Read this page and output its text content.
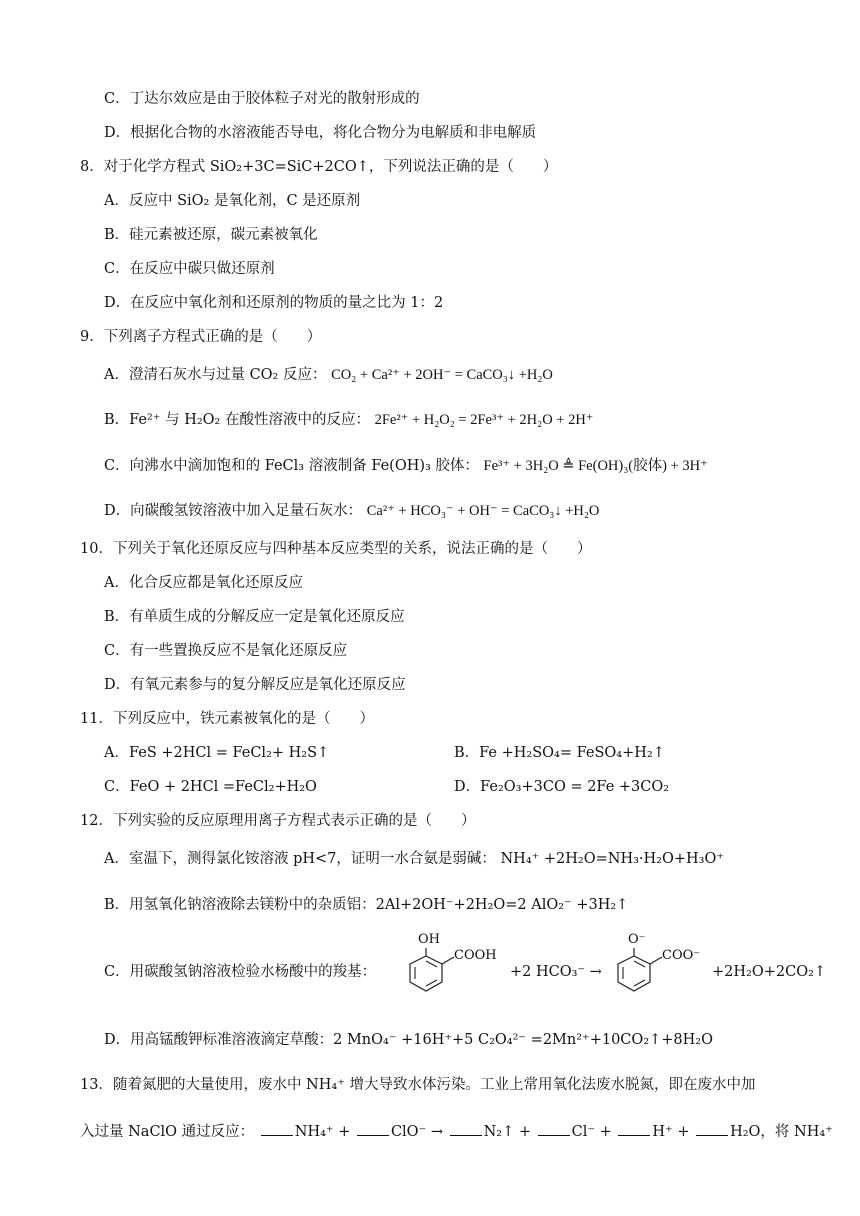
C．丁达尔效应是由于胶体粒子对光的散射形成的
D．根据化合物的水溶液能否导电，将化合物分为电解质和非电解质
8．对于化学方程式 SiO₂+3C=SiC+2CO↑，下列说法正确的是（　　）
A．反应中 SiO₂ 是氧化剂，C 是还原剂
B．硅元素被还原，碳元素被氧化
C．在反应中碳只做还原剂
D．在反应中氧化剂和还原剂的物质的量之比为 1：2
9．下列离子方程式正确的是（　　）
A．澄清石灰水与过量 CO₂ 反应： CO₂ + Ca²⁺ + 2OH⁻ = CaCO₃↓ +H₂O
B．Fe²⁺ 与 H₂O₂ 在酸性溶液中的反应： 2Fe²⁺ + H₂O₂ = 2Fe³⁺ + 2H₂O + 2H⁺
C．向沸水中滴加饱和的 FeCl₃ 溶液制备 Fe(OH)₃ 胶体： Fe³⁺ + 3H₂O ≜ Fe(OH)₃(胶体) + 3H⁺
D．向碳酸氢铵溶液中加入足量石灰水： Ca²⁺ + HCO₃⁻ + OH⁻ = CaCO₃↓ +H₂O
10．下列关于氧化还原反应与四种基本反应类型的关系，说法正确的是（　　）
A．化合反应都是氧化还原反应
B．有单质生成的分解反应一定是氧化还原反应
C．有一些置换反应不是氧化还原反应
D．有氧元素参与的复分解反应是氧化还原反应
11．下列反应中，铁元素被氧化的是（　　）
A．FeS +2HCl = FeCl₂+ H₂S↑	B．Fe +H₂SO₄= FeSO₄+H₂↑
C．FeO + 2HCl =FeCl₂+H₂O	D．Fe₂O₃+3CO = 2Fe +3CO₂
12．下列实验的反应原理用离子方程式表示正确的是（　　）
A．室温下，测得氯化铵溶液 pH<7，证明一水合氨是弱碱： NH₄⁺ +2H₂O=NH₃·H₂O+H₃O⁺
B．用氢氧化钠溶液除去镁粉中的杂质铝：2Al+2OH⁻+2H₂O=2 AlO₂⁻ +3H₂↑
C．用碳酸氢钠溶液检验水杨酸中的羧基：
OH
COOH
+2 HCO₃⁻ →
O⁻
COO⁻
+2H₂O+2CO₂↑
D．用高锰酸钾标准溶液滴定草酸：2 MnO₄⁻ +16H⁺+5 C₂O₄²⁻ =2Mn²⁺+10CO₂↑+8H₂O
13．随着氮肥的大量使用，废水中 NH₄⁺ 增大导致水体污染。工业上常用氧化法废水脱氮，即在废水中加
入过量 NaClO 通过反应：	NH₄⁺ +	ClO⁻ →	N₂↑ +	Cl⁻ +	H⁺ +	H₂O，将 NH₄⁺
